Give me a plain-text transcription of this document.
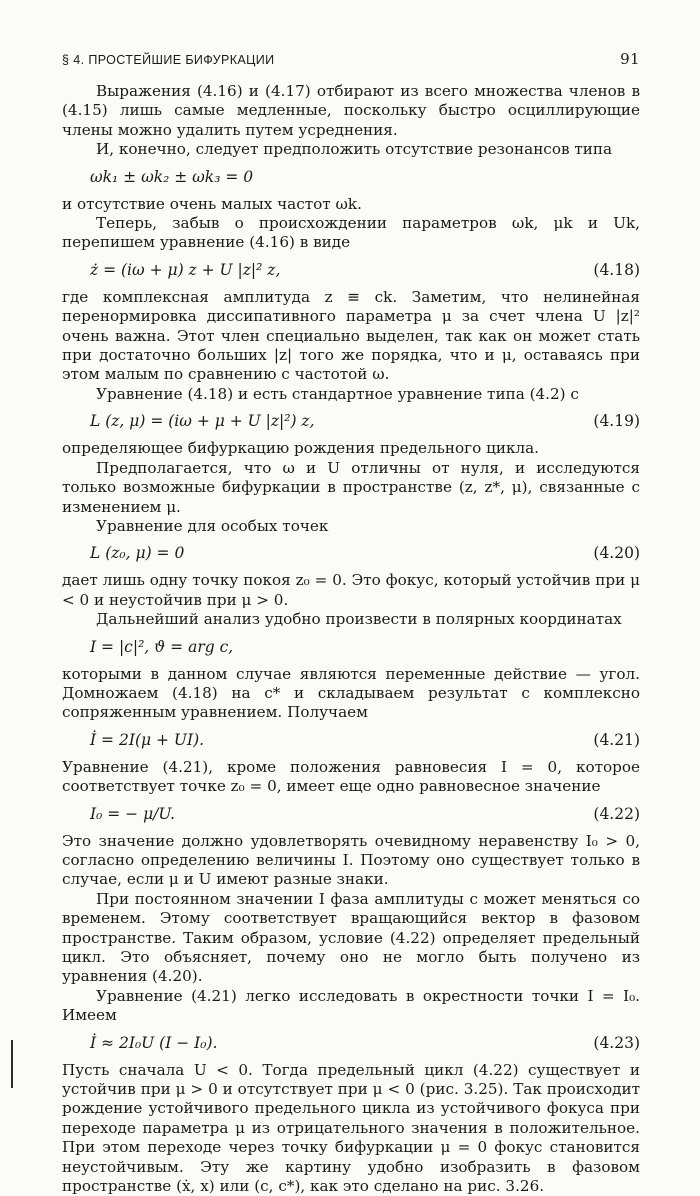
§ 4. ПРОСТЕЙШИЕ БИФУРКАЦИИ	91

Выражения (4.16) и (4.17) отбирают из всего множества членов в (4.15) лишь самые медленные, поскольку быстро осциллирующие члены можно удалить путем усреднения.

И, конечно, следует предположить отсутствие резонансов типа

ωk₁ ± ωk₂ ± ωk₃ = 0

и отсутствие очень малых частот ωk.

Теперь, забыв о происхождении параметров ωk, μk и Uk, перепишем уравнение (4.16) в виде

ż = (iω + μ) z + U |z|² z,	(4.18)

где комплексная амплитуда z ≡ ck. Заметим, что нелинейная перенормировка диссипативного параметра μ за счет члена U |z|² очень важна. Этот член специально выделен, так как он может стать при достаточно больших |z| того же порядка, что и μ, оставаясь при этом малым по сравнению с частотой ω.

Уравнение (4.18) и есть стандартное уравнение типа (4.2) с

L (z, μ) = (iω + μ + U |z|²) z,	(4.19)

определяющее бифуркацию рождения предельного цикла.

Предполагается, что ω и U отличны от нуля, и исследуются только возможные бифуркации в пространстве (z, z*, μ), связанные с изменением μ.

Уравнение для особых точек

L (z₀, μ) = 0	(4.20)

дает лишь одну точку покоя z₀ = 0. Это фокус, который устойчив при μ < 0 и неустойчив при μ > 0.

Дальнейший анализ удобно произвести в полярных координатах

I = |c|², ϑ = arg c,

которыми в данном случае являются переменные действие — угол. Домножаем (4.18) на c* и складываем результат с комплексно сопряженным уравнением. Получаем

İ = 2I(μ + UI).	(4.21)

Уравнение (4.21), кроме положения равновесия I = 0, которое соответствует точке z₀ = 0, имеет еще одно равновесное значение

I₀ = − μ/U.	(4.22)

Это значение должно удовлетворять очевидному неравенству I₀ > 0, согласно определению величины I. Поэтому оно существует только в случае, если μ и U имеют разные знаки.

При постоянном значении I фаза амплитуды c может меняться со временем. Этому соответствует вращающийся вектор в фазовом пространстве. Таким образом, условие (4.22) определяет предельный цикл. Это объясняет, почему оно не могло быть получено из уравнения (4.20).

Уравнение (4.21) легко исследовать в окрестности точки I = I₀. Имеем

İ ≈ 2I₀U (I − I₀).	(4.23)

Пусть сначала U < 0. Тогда предельный цикл (4.22) существует и устойчив при μ > 0 и отсутствует при μ < 0 (рис. 3.25). Так происходит рождение устойчивого предельного цикла из устойчивого фокуса при переходе параметра μ из отрицательного значения в положительное. При этом переходе через точку бифуркации μ = 0 фокус становится неустойчивым. Эту же картину удобно изобразить в фазовом пространстве (ẋ, x) или (c, c*), как это сделано на рис. 3.26.
